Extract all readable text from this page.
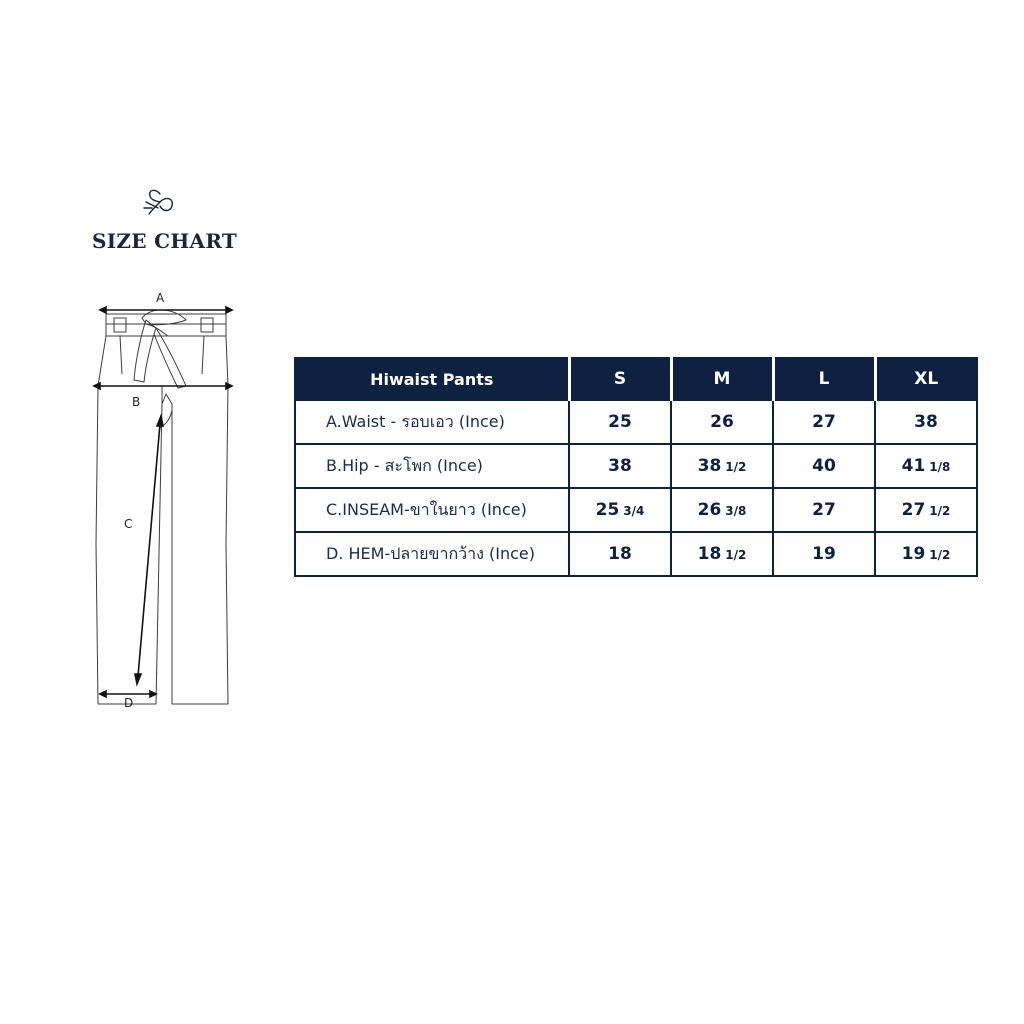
SIZE CHART
A
B
C
D
Hiwaist Pants	S	M	L	XL
A.Waist - รอบเอว (Ince)	25	26	27	38
B.Hip - สะโพก (Ince)	38	38 1/2	40	41 1/8
C.INSEAM-ขาในยาว (Ince)	25 3/4	26 3/8	27	27 1/2
D. HEM-ปลายขากว้าง (Ince)	18	18 1/2	19	19 1/2
